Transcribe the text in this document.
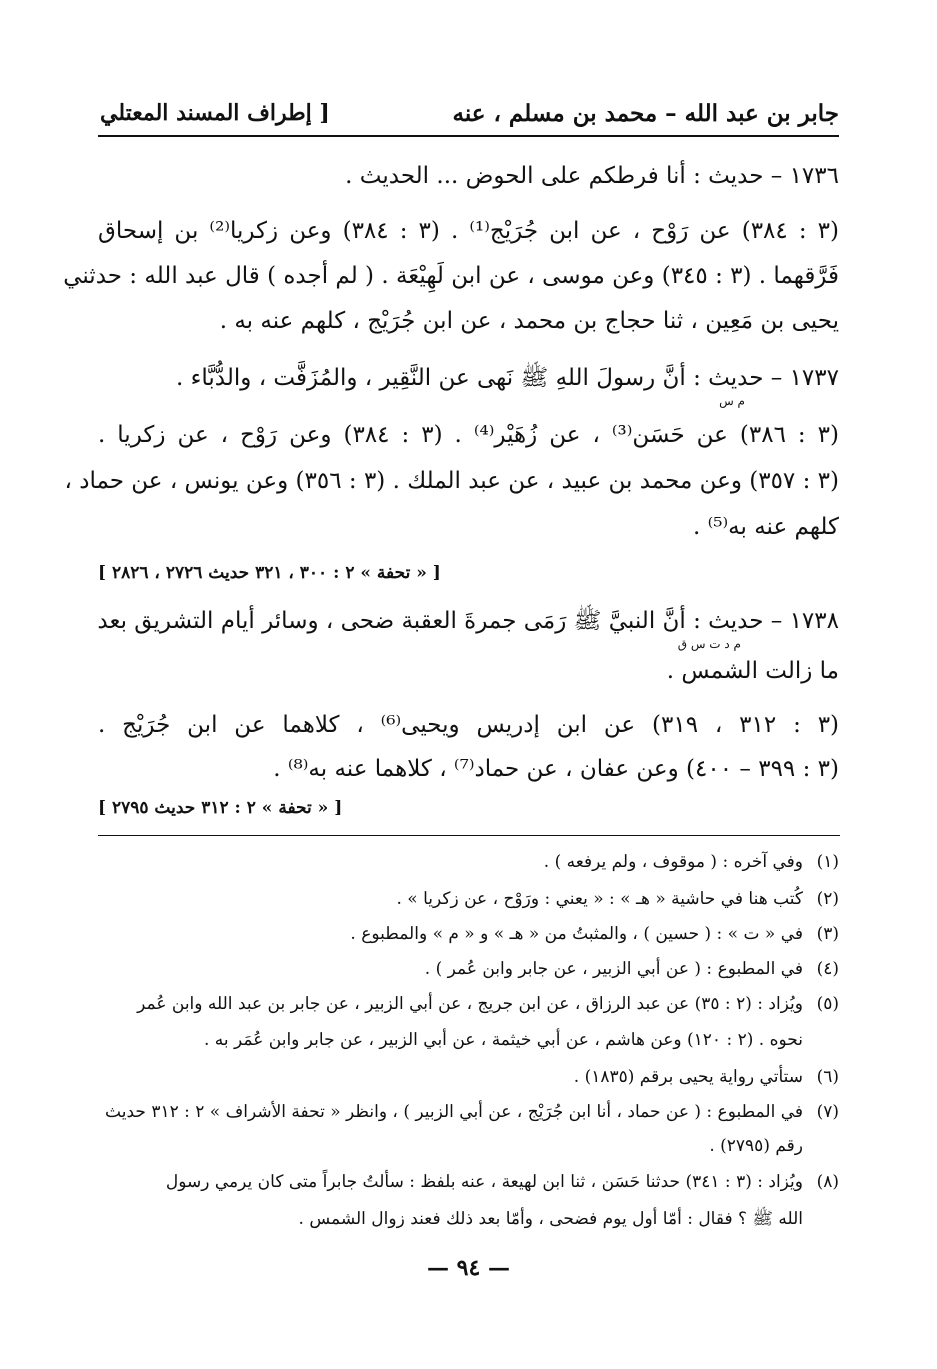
جابر بن عبد الله – محمد بن مسلم ، عنه
[ إطراف المسند المعتلي
١٧٣٦ – حديث : أنا فرطكم على الحوض ... الحديث .
(٣ : ٣٨٤) عن رَوْح ، عن ابن جُرَيْج⁽¹⁾ . (٣ : ٣٨٤) وعن زكريا⁽²⁾ بن إسحاق
فَرَّقهما . (٣ : ٣٤٥) وعن موسى ، عن ابن لَهِيْعَة . ( لم أجده ) قال عبد الله : حدثني
يحيى بن مَعِين ، ثنا حجاج بن محمد ، عن ابن جُرَيْج ، كلهم عنه به .
١٧٣٧ – حديث : أنَّ رسولَ اللهِ ﷺ نَهى عن النَّقِير ، والمُزَفَّت ، والدُّبَّاء .
م س
(٣ : ٣٨٦) عن حَسَن⁽³⁾ ، عن زُهَيْر⁽⁴⁾ . (٣ : ٣٨٤) وعن رَوْح ، عن زكريا .
(٣ : ٣٥٧) وعن محمد بن عبيد ، عن عبد الملك . (٣ : ٣٥٦) وعن يونس ، عن حماد ،
كلهم عنه به⁽⁵⁾ .
[ « تحفة » ٢ : ٣٠٠ ، ٣٢١ حديث ٢٧٢٦ ، ٢٨٢٦ ]
١٧٣٨ – حديث : أنَّ النبيَّ ﷺ رَمَى جمرةَ العقبة ضحى ، وسائر أيام التشريق بعد
م د ت س ق
ما زالت الشمس .
(٣ : ٣١٢ ، ٣١٩) عن ابن إدريس ويحيى⁽⁶⁾ ، كلاهما عن ابن جُرَيْج .
(٣ : ٣٩٩ – ٤٠٠) وعن عفان ، عن حماد⁽⁷⁾ ، كلاهما عنه به⁽⁸⁾ .
[ « تحفة » ٢ : ٣١٢ حديث ٢٧٩٥ ]
(١)وفي آخره : ( موقوف ، ولم يرفعه ) .
(٢)كُتب هنا في حاشية « هـ » : « يعني : ورَوْح ، عن زكريا » .
(٣)في « ت » : ( حسين ) ، والمثبتُ من « هـ » و « م » والمطبوع .
(٤)في المطبوع : ( عن أبي الزبير ، عن جابر وابن عُمر ) .
(٥)ويُزاد : (٢ : ٣٥) عن عبد الرزاق ، عن ابن جريج ، عن أبي الزبير ، عن جابر بن عبد الله وابن عُمر
نحوه . (٢ : ١٢٠) وعن هاشم ، عن أبي خيثمة ، عن أبي الزبير ، عن جابر وابن عُمَر به .
(٦)ستأتي رواية يحيى برقم (١٨٣٥) .
(٧)في المطبوع : ( عن حماد ، أنا ابن جُرَيْج ، عن أبي الزبير ) ، وانظر « تحفة الأشراف » ٢ : ٣١٢ حديث
رقم (٢٧٩٥) .
(٨)ويُزاد : (٣ : ٣٤١) حدثنا حَسَن ، ثنا ابن لهيعة ، عنه بلفظ : سألتُ جابراً متى كان يرمي رسول
الله ﷺ ؟ فقال : أمّا أول يوم فضحى ، وأمّا بعد ذلك فعند زوال الشمس .
— ٩٤ —
